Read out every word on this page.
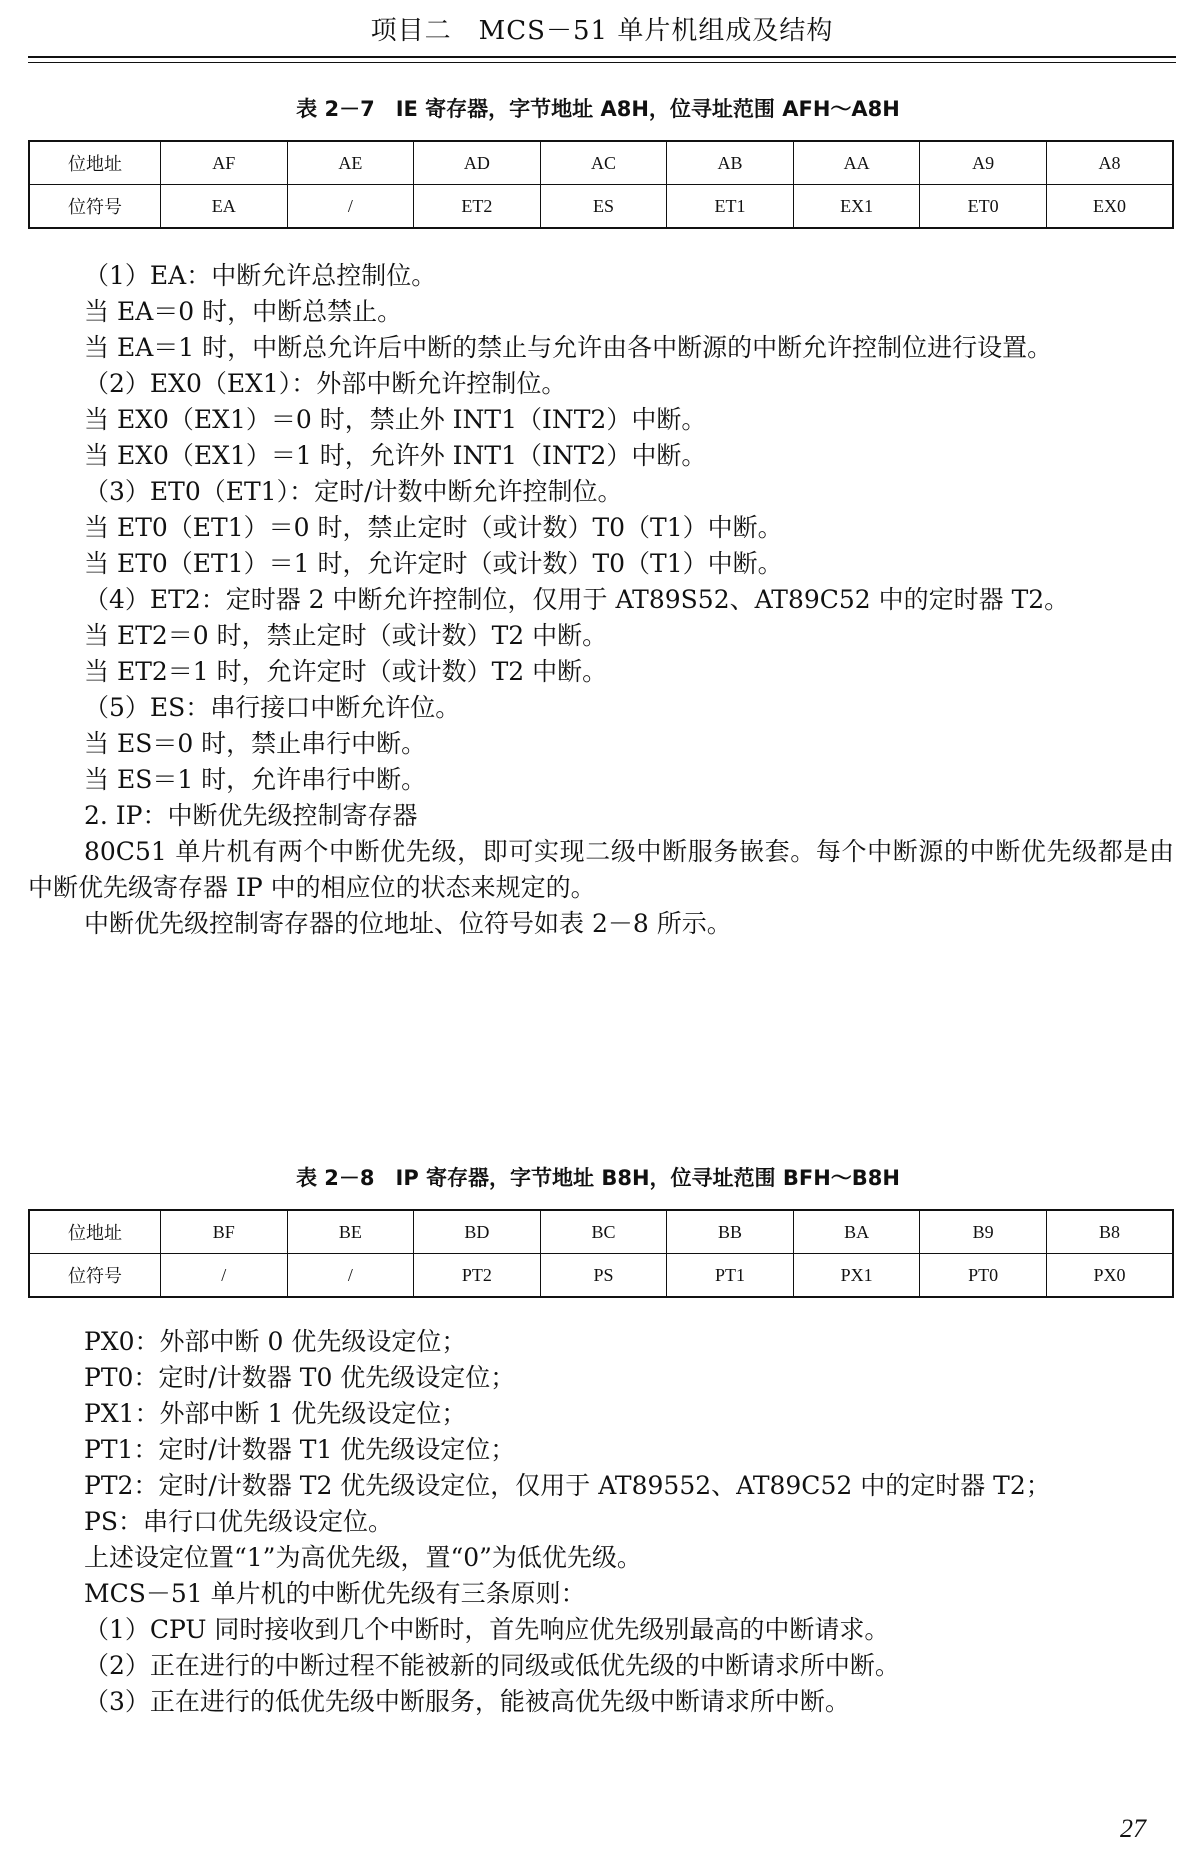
项目二　MCS－51 单片机组成及结构
表 2－7　IE 寄存器，字节地址 A8H，位寻址范围 AFH～A8H
位地址	AF	AE	AD	AC	AB	AA	A9	A8
位符号	EA	/	ET2	ES	ET1	EX1	ET0	EX0
（1）EA：中断允许总控制位。
当 EA＝0 时，中断总禁止。
当 EA＝1 时，中断总允许后中断的禁止与允许由各中断源的中断允许控制位进行设置。
（2）EX0（EX1）：外部中断允许控制位。
当 EX0（EX1）＝0 时，禁止外 INT1（INT2）中断。
当 EX0（EX1）＝1 时，允许外 INT1（INT2）中断。
（3）ET0（ET1）：定时/计数中断允许控制位。
当 ET0（ET1）＝0 时，禁止定时（或计数）T0（T1）中断。
当 ET0（ET1）＝1 时，允许定时（或计数）T0（T1）中断。
（4）ET2：定时器 2 中断允许控制位，仅用于 AT89S52、AT89C52 中的定时器 T2。
当 ET2＝0 时，禁止定时（或计数）T2 中断。
当 ET2＝1 时，允许定时（或计数）T2 中断。
（5）ES：串行接口中断允许位。
当 ES＝0 时，禁止串行中断。
当 ES＝1 时，允许串行中断。
2. IP：中断优先级控制寄存器
80C51 单片机有两个中断优先级，即可实现二级中断服务嵌套。每个中断源的中断优先级都是由中断优先级寄存器 IP 中的相应位的状态来规定的。
中断优先级控制寄存器的位地址、位符号如表 2－8 所示。
表 2－8　IP 寄存器，字节地址 B8H，位寻址范围 BFH～B8H
位地址	BF	BE	BD	BC	BB	BA	B9	B8
位符号	/	/	PT2	PS	PT1	PX1	PT0	PX0
PX0：外部中断 0 优先级设定位；
PT0：定时/计数器 T0 优先级设定位；
PX1：外部中断 1 优先级设定位；
PT1：定时/计数器 T1 优先级设定位；
PT2：定时/计数器 T2 优先级设定位，仅用于 AT89552、AT89C52 中的定时器 T2；
PS：串行口优先级设定位。
上述设定位置“1”为高优先级，置“0”为低优先级。
MCS－51 单片机的中断优先级有三条原则：
（1）CPU 同时接收到几个中断时，首先响应优先级别最高的中断请求。
（2）正在进行的中断过程不能被新的同级或低优先级的中断请求所中断。
（3）正在进行的低优先级中断服务，能被高优先级中断请求所中断。
27
